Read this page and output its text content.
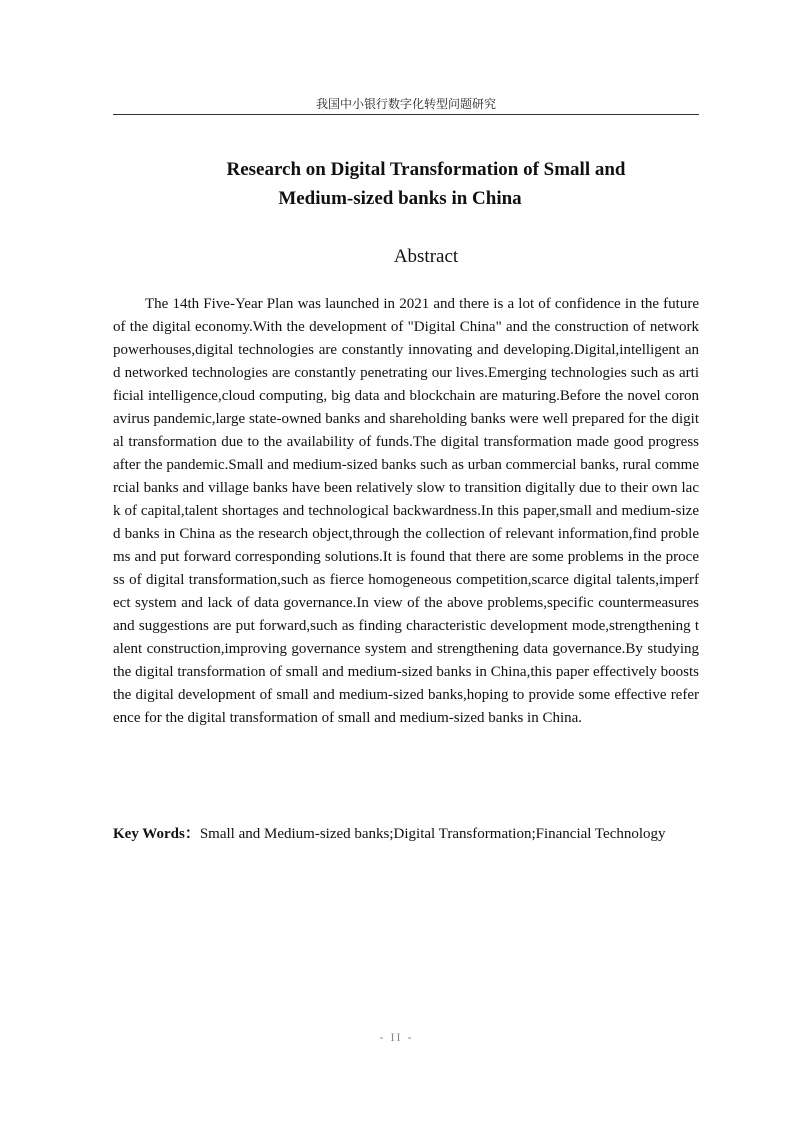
我国中小银行数字化转型问题研究
Research on Digital Transformation of Small and
Medium-sized banks in China
Abstract

The 14th Five-Year Plan was launched in 2021 and there is a lot of confidence in the future of the digital economy.With the development of "Digital China" and the construction of network powerhouses,digital technologies are constantly innovating and developing.Digital,intelligent and networked technologies are constantly penetrating our lives.Emerging technologies such as artificial intelligence,cloud computing, big data and blockchain are maturing.Before the novel coronavirus pandemic,large state-owned banks and shareholding banks were well prepared for the digital transformation due to the availability of funds.The digital transformation made good progress after the pandemic.Small and medium-sized banks such as urban commercial banks, rural commercial banks and village banks have been relatively slow to transition digitally due to their own lack of capital,talent shortages and technological backwardness.In this paper,small and medium-sized banks in China as the research object,through the collection of relevant information,find problems and put forward corresponding solutions.It is found that there are some problems in the process of digital transformation,such as fierce homogeneous competition,scarce digital talents,imperfect system and lack of data governance.In view of the above problems,specific countermeasures and suggestions are put forward,such as finding characteristic development mode,strengthening talent construction,improving governance system and strengthening data governance.By studying the digital transformation of small and medium-sized banks in China,this paper effectively boosts the digital development of small and medium-sized banks,hoping to provide some effective reference for the digital transformation of small and medium-sized banks in China.

Key Words：Small and Medium-sized banks;Digital Transformation;Financial Technology
- II -
